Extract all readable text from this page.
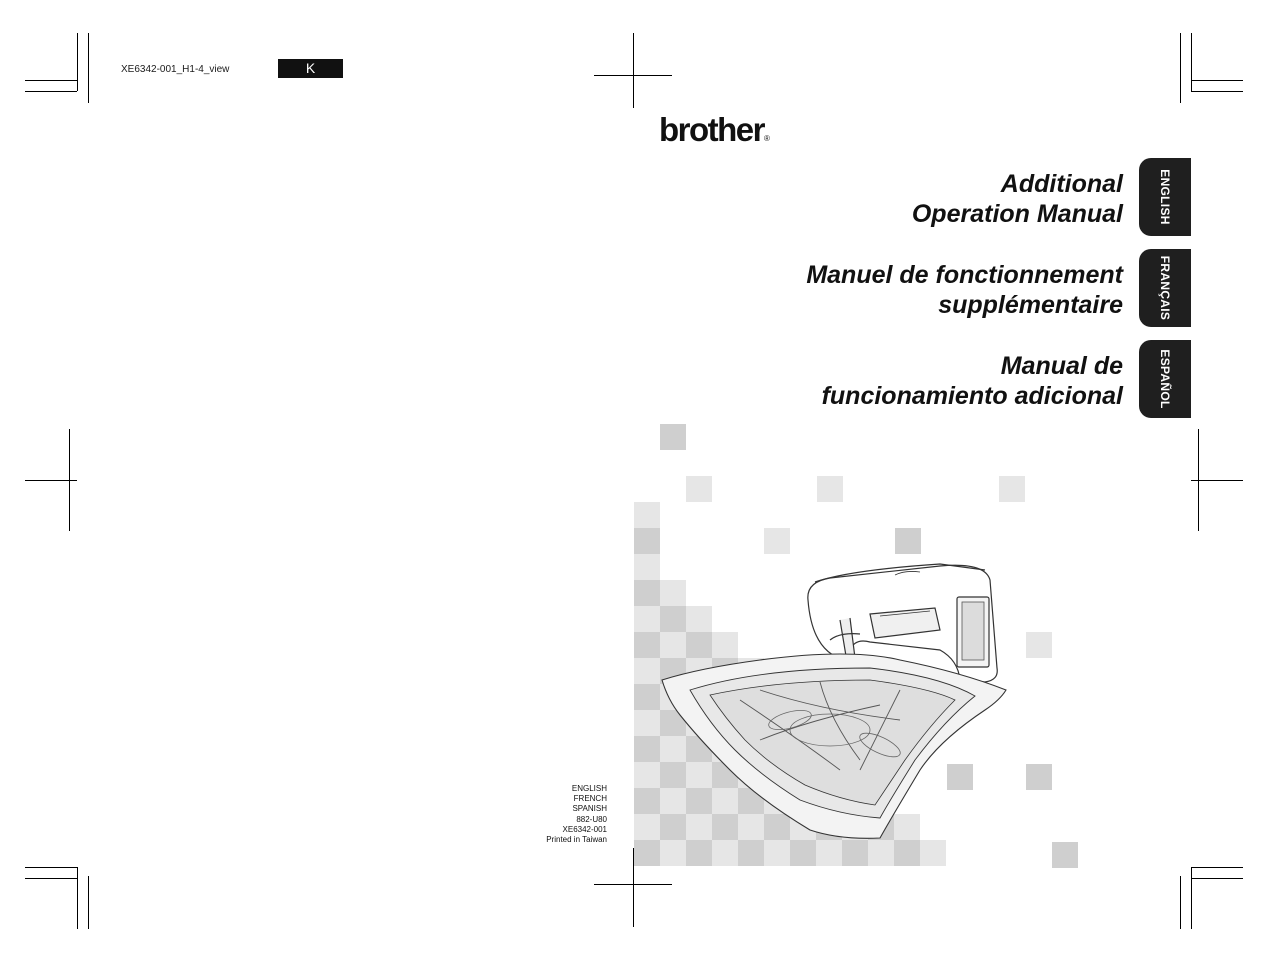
XE6342-001_H1-4_view	K
brother®
Additional
Operation Manual
Manuel de fonctionnement
supplémentaire
Manual de
funcionamiento adicional
ENGLISH
FRANÇAIS
ESPAÑOL
ENGLISH
FRENCH
SPANISH
882-U80
XE6342-001
Printed in Taiwan
